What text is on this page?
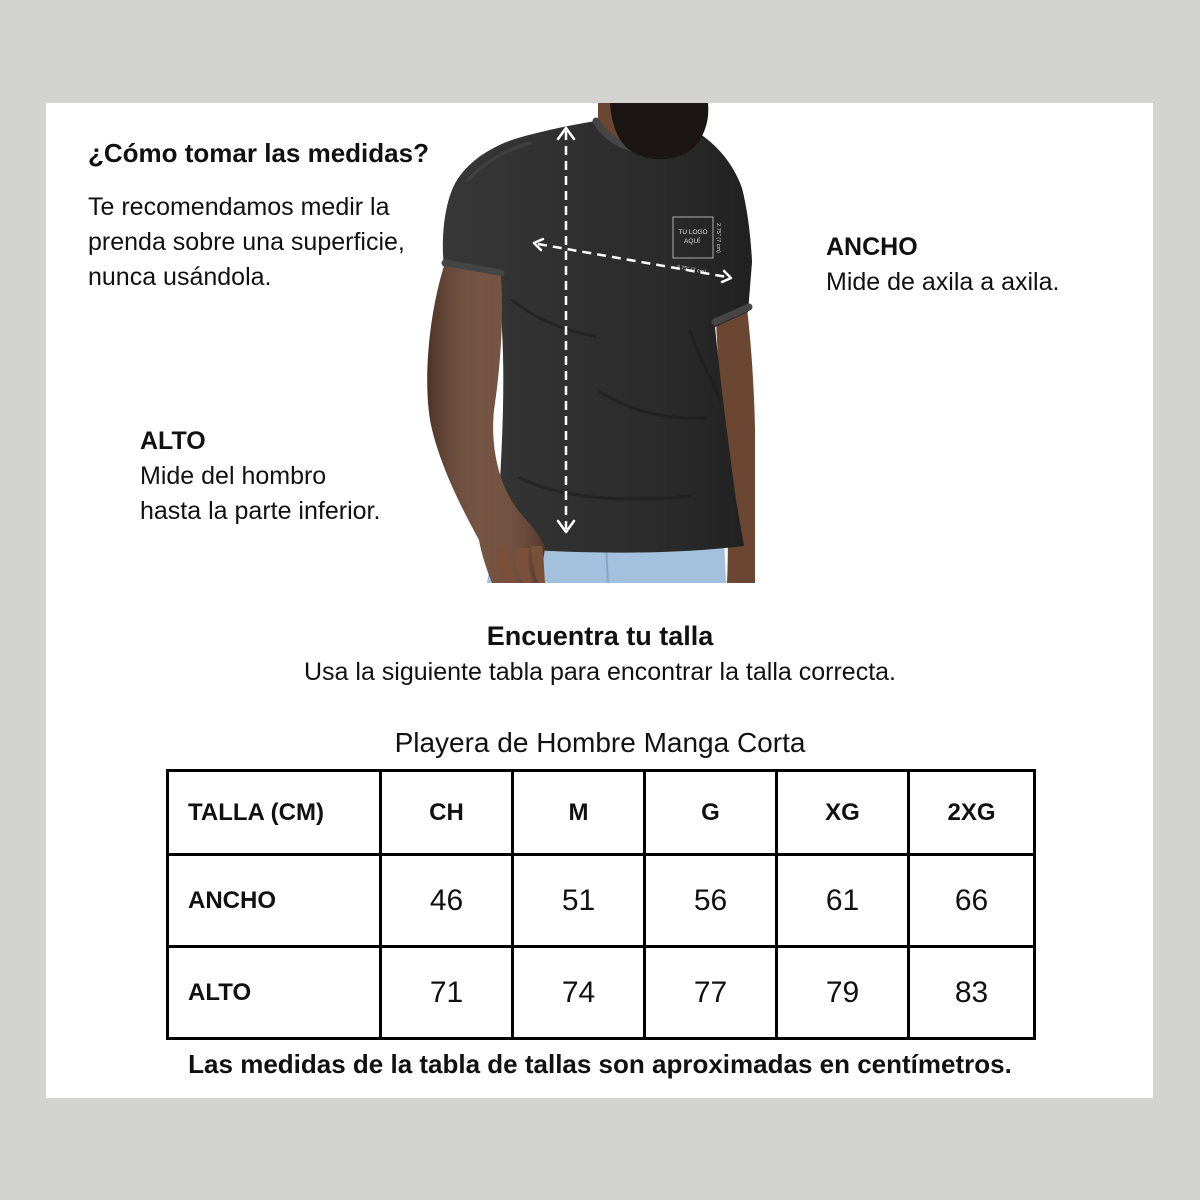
¿Cómo tomar las medidas?
Te recomendamos medir la
prenda sobre una superficie,
nunca usándola.
TU LOGO
AQUÍ	2.75" (7 cm)
2.75" (7 cm)
ANCHO
Mide de axila a axila.
ALTO
Mide del hombro
hasta la parte inferior.
Encuentra tu talla
Usa la siguiente tabla para encontrar la talla correcta.
Playera de Hombre Manga Corta
TALLA (CM)	CH	M	G	XG	2XG
ANCHO	46	51	56	61	66
ALTO	71	74	77	79	83
Las medidas de la tabla de tallas son aproximadas en centímetros.
